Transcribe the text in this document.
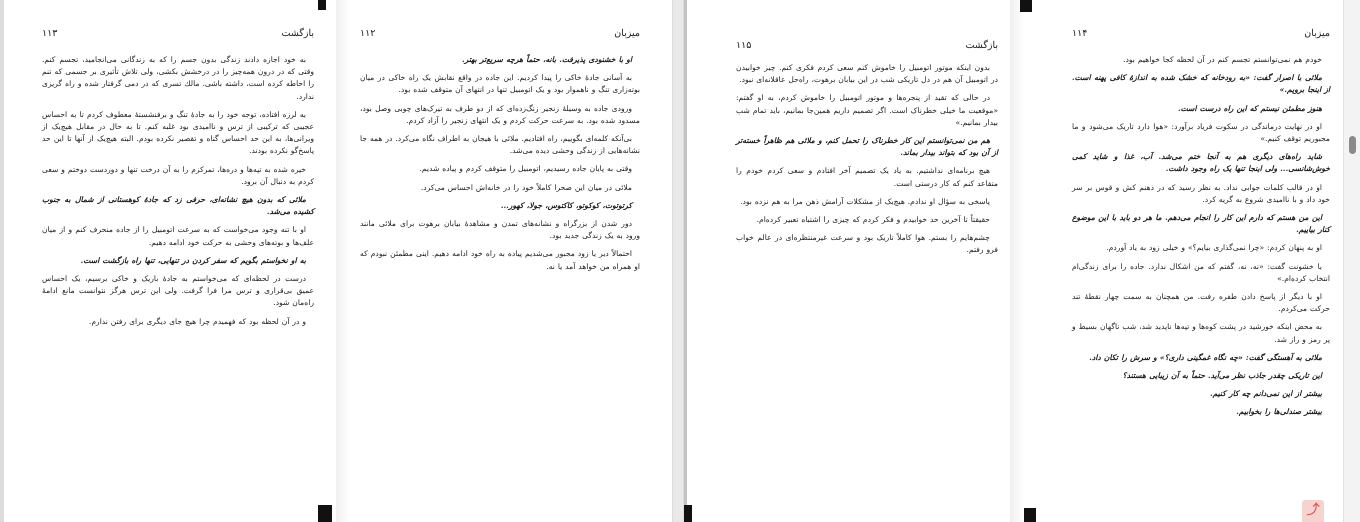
۱۱۲	میزبان

او با خشنودی پذیرفت. بانه، حتماً هرچه سریع‌تر بهتر.

به آسانی جادهٔ خاکی را پیدا کردیم. این جاده در واقع نقابش یک راه خاکی در میان بوته‌زاری تنگ و ناهموار بود و یک اتومبیل تنها در انتهای آن متوقف شده بود.

ورودی جاده به وسیلهٔ زنجیر زنگ‌زده‌ای که از دو طرف به تیرک‌های چوبی وصل بود، مسدود شده بود. به سرعت حرکت کردم و یک انتهای زنجیر را آزاد کردم.

بی‌آنکه کلمه‌ای بگوییم، راه افتادیم. ملائی با هیجان به اطراف نگاه می‌کرد. در همه جا نشانه‌هایی از زندگی وحشی دیده می‌شد.

وقتی به پایان جاده رسیدیم، اتومبیل را متوقف کردم و پیاده شدیم.

ملائی در میان این صحرا کاملاً خود را در خانه‌اش احساس می‌کرد.

کرتوتوت، کوکوتو، کاکتوس، جولا، کهور...

دور شدن از بزرگراه و نشانه‌های تمدن و مشاهدهٔ بیابان برهوت برای ملائی مانند ورود به یک زندگی جدید بود.

احتمالاً دیر یا زود مجبور می‌شدیم پیاده به راه خود ادامه دهیم. اینی مطمئن نبودم که او همراه من خواهد آمد یا نه.

۱۱۳	بازگشت

به خود اجازه دادند زندگی بدون جسم را که به زندگانی می‌انجامید، تجسم کنم. وقتی که در درون همه‌چیز را در درخشش بکشی، ولی تلاش تأثیری بر جسمی که تنم را احاطه کرده است، داشته باشی. مالك تسری که در دمی گرفتار شده و راه گریزی ندارد.

به لرزه افتاده، توجه خود را به جادهٔ تنگ و برفنشستهٔ معطوف کردم تا به احساس عجیبی که ترکیبی از ترس و ناامیدی بود غلبه کنم. تا به حال در مقابل هیچ‌یک از ویرانی‌ها، به این حد احساس گناه و تقصیر نکرده بودم. البته هیچ‌یک از آنها تا این حد پاسخ‌گو نکرده بودند.

خیره شده به تپه‌ها و دره‌ها، تمرکزم را به آن درخت تنها و دوردست دوختم و سعی کردم به دنبال آن برود.

ملائی که بدون هیچ نشانه‌ای، حرفی زد که جادهٔ کوهستانی از شمال به جنوب کشیده می‌شد.

او با تنه وجود می‌خواست که به سرعت اتومبیل را از جاده منحرف کنم و از میان علف‌ها و بوته‌های وحشی به حرکت خود ادامه دهیم.

به او نخواستم بگویم که سفر کردن در تنهایی، تنها راه بازگشت است.

درست در لحظه‌ای که می‌خواستم به جادهٔ باریک و خاکی برسیم، یک احساس عمیق بی‌قراری و ترس مرا فرا گرفت. ولی این ترس هرگز نتوانست مانع ادامهٔ راه‌مان شود.

و در آن لحظه بود که فهمیدم چرا هیچ جای دیگری برای رفتن ندارم.

۱۱۴	میزبان

خودم هم نمی‌توانستم تجسم کنم در آن لحظه کجا خواهیم بود.

ملائی با اصرار گفت: «به رودخانه که خشک شده به اندازهٔ کافی پهنه است. از اینجا برویم.»

هنوز مطمئن نیستم که این راه درست است.

او در نهایت درماندگی در سکوت فریاد برآورد: «هوا دارد تاریک می‌شود و ما مجبوریم توقف کنیم.»

شاید راه‌های دیگری هم به آنجا ختم می‌شد. آب، غذا و شاید کمی خوش‌شانسی... ولی اینجا تنها یک راه وجود داشت.

او در قالب کلمات جوابی نداد. به نظر رسید که در ذهنم کش و قوس بر سر خود داد و با ناامیدی شروع به گریه کرد.

این من هستم که دارم این کار را انجام می‌دهم. ما هر دو باید با این موضوع کنار بیاییم.

او به پنهان کردم: «چرا نمی‌گذاری بیایم؟» و خیلی زود به یاد آوردم.

با خشونت گفت: «نه، نه، گفتم که من اشکال ندارد. جاده را برای زندگی‌ام انتخاب کرده‌ام.»

او با دیگر از پاسخ دادن طفره رفت. من همچنان به سمت چهار نقطهٔ تند حرکت می‌کردم.

به محض اینکه خورشید در پشت کوه‌ها و تپه‌ها ناپدید شد، شب ناگهان بسیط و پر رمز و راز شد.

ملائی به آهستگی گفت: «چه نگاه غمگینی داری؟» و سرش را تکان داد.

این تاریکی چقدر جاذب نظر می‌آید. حتماً به آن زیبایی هستند؟

بیشتر از این نمی‌دانم چه کار کنیم.

بیشتر صندلی‌ها را بخوابیم.

۱۱۵	بازگشت

بدون اینکه موتور اتومبیل را خاموش کنم سعی کردم فکری کنم. چیز خوابیدن در اتومبیل آن هم در دل تاریکی شب در این بیابان برهوت، راه‌حل عاقلانه‌ای نبود.

در حالی که تقید از پنجره‌ها و موتور اتومبیل را خاموش کردم، به او گفتم: «موقعیت ما خیلی خطرناک است. اگر تصمیم داریم همین‌جا بمانیم، باید تمام شب بیدار بمانیم.»

هم من نمی‌توانستم این کار خطرناک را تحمل کنم، و ملائی هم ظاهراً خسته‌تر از آن بود که بتواند بیدار بماند.

هیچ برنامه‌ای نداشتیم. به یاد یک تصمیم آخر افتادم و سعی کردم خودم را متقاعد کنم که کار درستی است.

پاسخی به سؤال او ندادم. هیچ‌یک از مشکلات آرامش ذهن مرا به هم نزده بود.

حقیقتاً تا آخرین حد خوابیدم و فکر کردم که چیزی را اشتباه تعبیر کرده‌ام.

چشم‌هایم را بستم. هوا کاملاً تاریک بود و سرعت غیرمنتظره‌ای در عالم خواب فرو رفتم.

⤴
